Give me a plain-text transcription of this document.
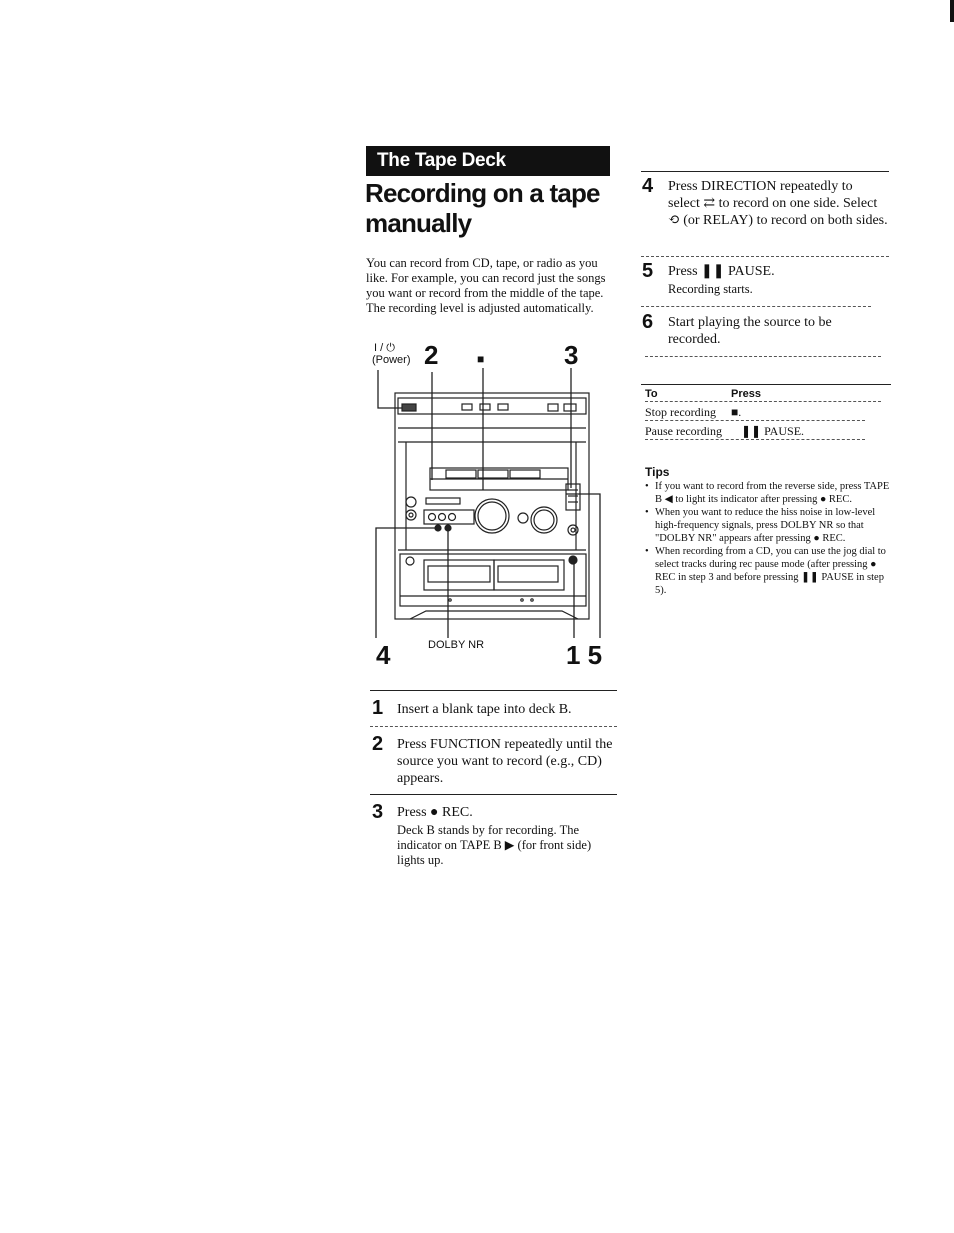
The Tape Deck
Recording on a tape
manually
You can record from CD, tape, or radio as you like. For example, you can record just the songs you want or record from the middle of the tape. The recording level is adjusted automatically.
I / ⏻
(Power) 2	■	3
4	DOLBY NR	1 5
1 Insert a blank tape into deck B.
2 Press FUNCTION repeatedly until the source you want to record (e.g., CD) appears.
3 Press ● REC.
Deck B stands by for recording. The indicator on TAPE B ▶ (for front side) lights up.
4 Press DIRECTION repeatedly to select ⇄ to record on one side. Select ⟲ (or RELAY) to record on both sides.
5 Press ❚❚ PAUSE.
Recording starts.
6 Start playing the source to be recorded.
To	Press
Stop recording ■.
Pause recording ❚❚ PAUSE.
Tips
• If you want to record from the reverse side, press TAPE B ◀ to light its indicator after pressing ● REC.
• When you want to reduce the hiss noise in low-level high-frequency signals, press DOLBY NR so that "DOLBY NR" appears after pressing ● REC.
• When recording from a CD, you can use the jog dial to select tracks during rec pause mode (after pressing ● REC in step 3 and before pressing ❚❚ PAUSE in step 5).
